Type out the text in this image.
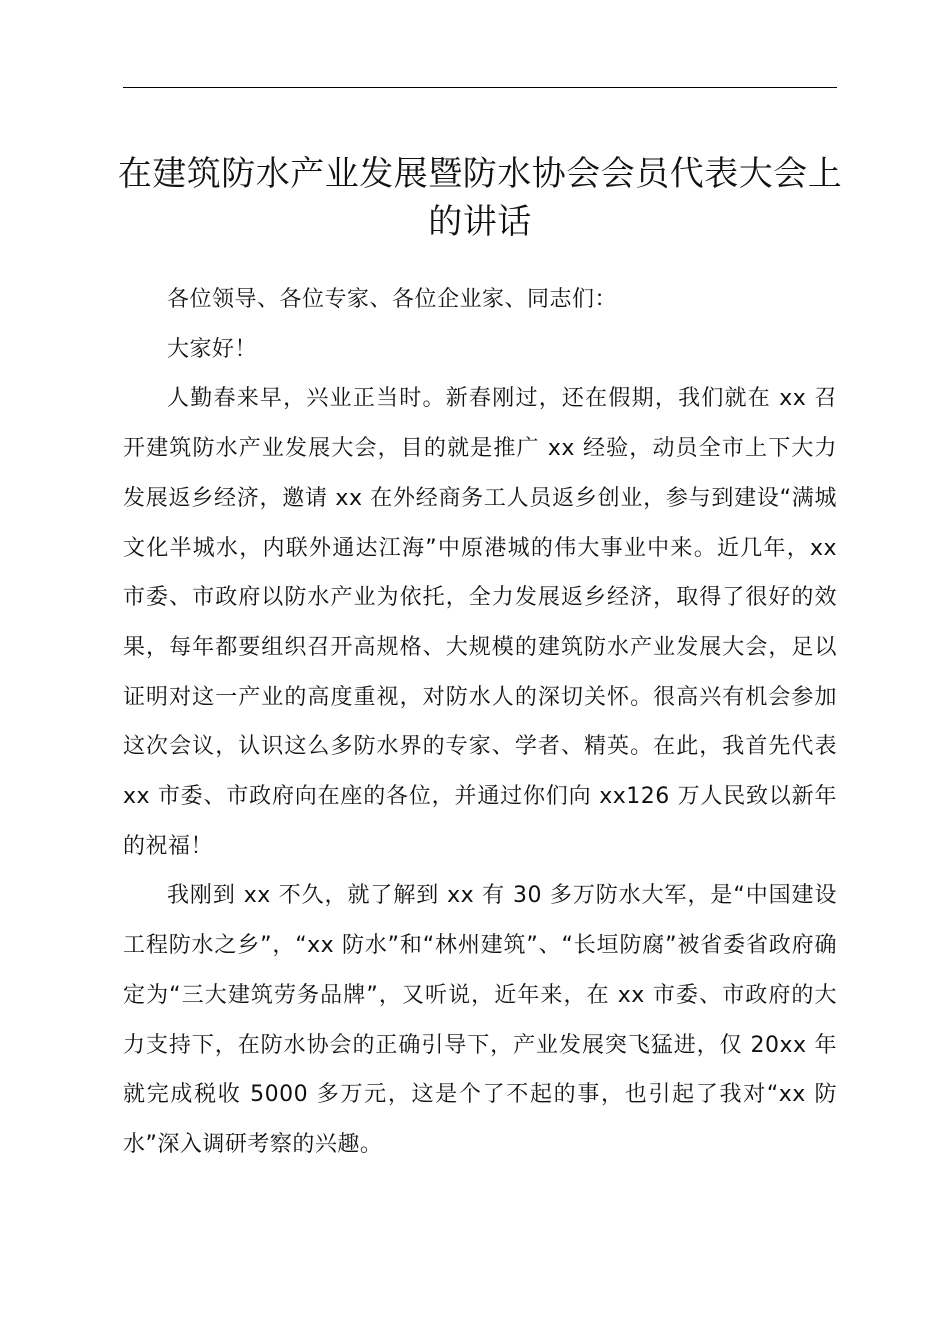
在建筑防水产业发展暨防水协会会员代表大会上的讲话

各位领导、各位专家、各位企业家、同志们：

大家好！

人勤春来早，兴业正当时。新春刚过，还在假期，我们就在 xx 召开建筑防水产业发展大会，目的就是推广 xx 经验，动员全市上下大力发展返乡经济，邀请 xx 在外经商务工人员返乡创业，参与到建设“满城文化半城水，内联外通达江海”中原港城的伟大事业中来。近几年，xx 市委、市政府以防水产业为依托，全力发展返乡经济，取得了很好的效果，每年都要组织召开高规格、大规模的建筑防水产业发展大会，足以证明对这一产业的高度重视，对防水人的深切关怀。很高兴有机会参加这次会议，认识这么多防水界的专家、学者、精英。在此，我首先代表 xx 市委、市政府向在座的各位，并通过你们向 xx126 万人民致以新年的祝福！

我刚到 xx 不久，就了解到 xx 有 30 多万防水大军，是“中国建设工程防水之乡”，“xx 防水”和“林州建筑”、“长垣防腐”被省委省政府确定为“三大建筑劳务品牌”，又听说，近年来，在 xx 市委、市政府的大力支持下，在防水协会的正确引导下，产业发展突飞猛进，仅 20xx 年就完成税收 5000 多万元，这是个了不起的事，也引起了我对“xx 防水”深入调研考察的兴趣。
